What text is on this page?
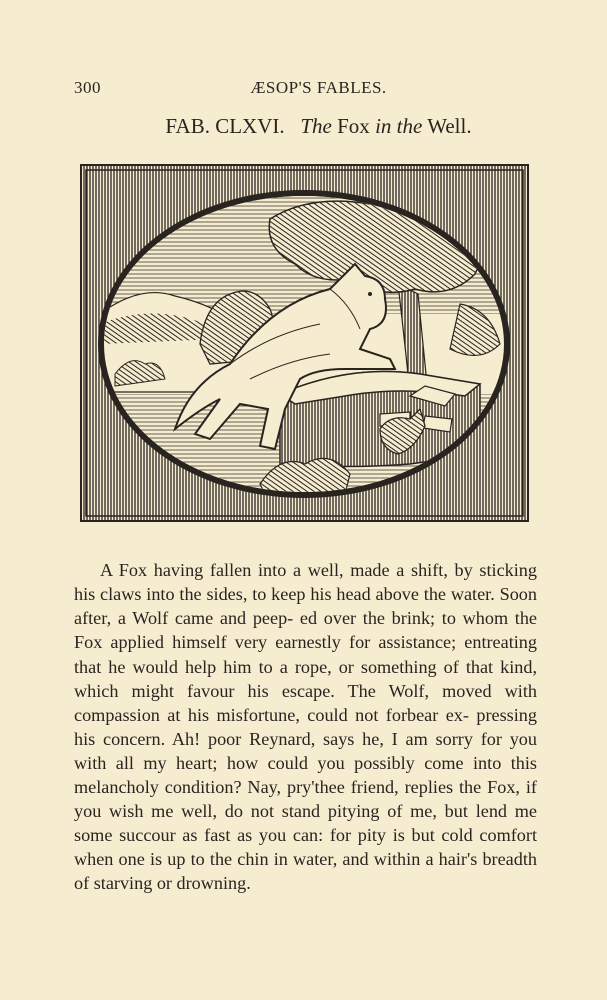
300	ÆSOP'S FABLES.
FAB. CLXVI. The Fox in the Well.

A Fox having fallen into a well, made a shift, by sticking his claws into the sides, to keep his head above the water. Soon after, a Wolf came and peep- ed over the brink; to whom the Fox applied himself very earnestly for assistance; entreating that he would help him to a rope, or something of that kind, which might favour his escape. The Wolf, moved with compassion at his misfortune, could not forbear ex- pressing his concern. Ah! poor Reynard, says he, I am sorry for you with all my heart; how could you possibly come into this melancholy condition? Nay, pry'thee friend, replies the Fox, if you wish me well, do not stand pitying of me, but lend me some succour as fast as you can: for pity is but cold comfort when one is up to the chin in water, and within a hair's breadth of starving or drowning.
